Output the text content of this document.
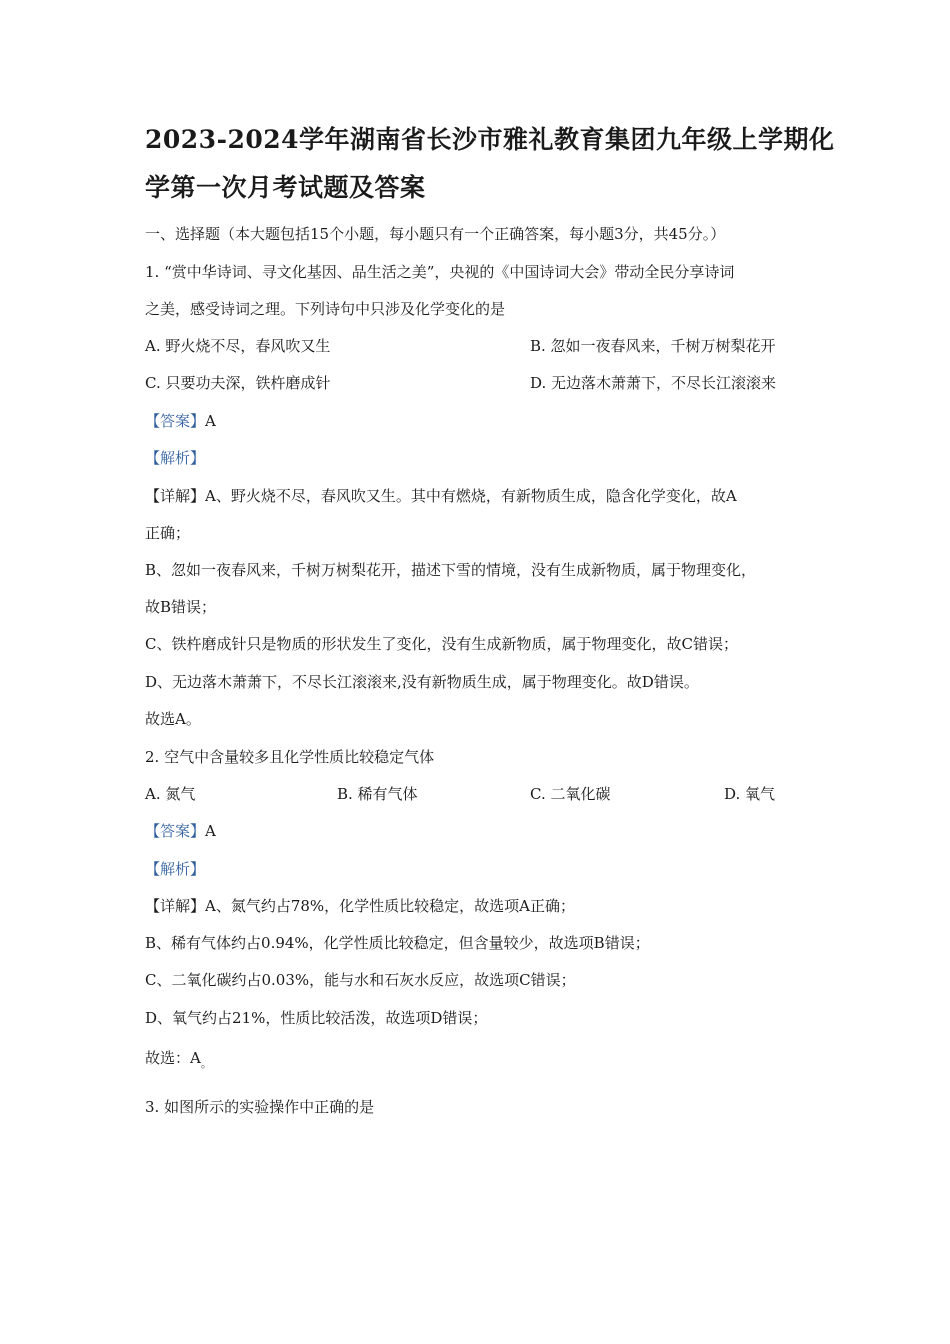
2023-2024学年湖南省长沙市雅礼教育集团九年级上学期化
学第一次月考试题及答案
一、选择题（本大题包括15个小题，每小题只有一个正确答案，每小题3分，共45分。）
1. “赏中华诗词、寻文化基因、品生活之美”，央视的《中国诗词大会》带动全民分享诗词
之美，感受诗词之理。下列诗句中只涉及化学变化的是
A. 野火烧不尽，春风吹又生	B. 忽如一夜春风来，千树万树梨花开
C. 只要功夫深，铁杵磨成针	D. 无边落木萧萧下，不尽长江滚滚来
【答案】A
【解析】
【详解】A、野火烧不尽，春风吹又生。其中有燃烧，有新物质生成，隐含化学变化，故A
正确；
B、忽如一夜春风来，千树万树梨花开，描述下雪的情境，没有生成新物质，属于物理变化，
故B错误；
C、铁杵磨成针只是物质的形状发生了变化，没有生成新物质，属于物理变化，故C错误；
D、无边落木萧萧下，不尽长江滚滚来,没有新物质生成，属于物理变化。故D错误。
故选A。
2. 空气中含量较多且化学性质比较稳定气体
A. 氮气	B. 稀有气体	C. 二氧化碳	D. 氧气
【答案】A
【解析】
【详解】A、氮气约占78%，化学性质比较稳定，故选项A正确；
B、稀有气体约占0.94%，化学性质比较稳定，但含量较少，故选项B错误；
C、二氧化碳约占0.03%，能与水和石灰水反应，故选项C错误；
D、氧气约占21%，性质比较活泼，故选项D错误；
故选：$A_。$
3. 如图所示的实验操作中正确的是
